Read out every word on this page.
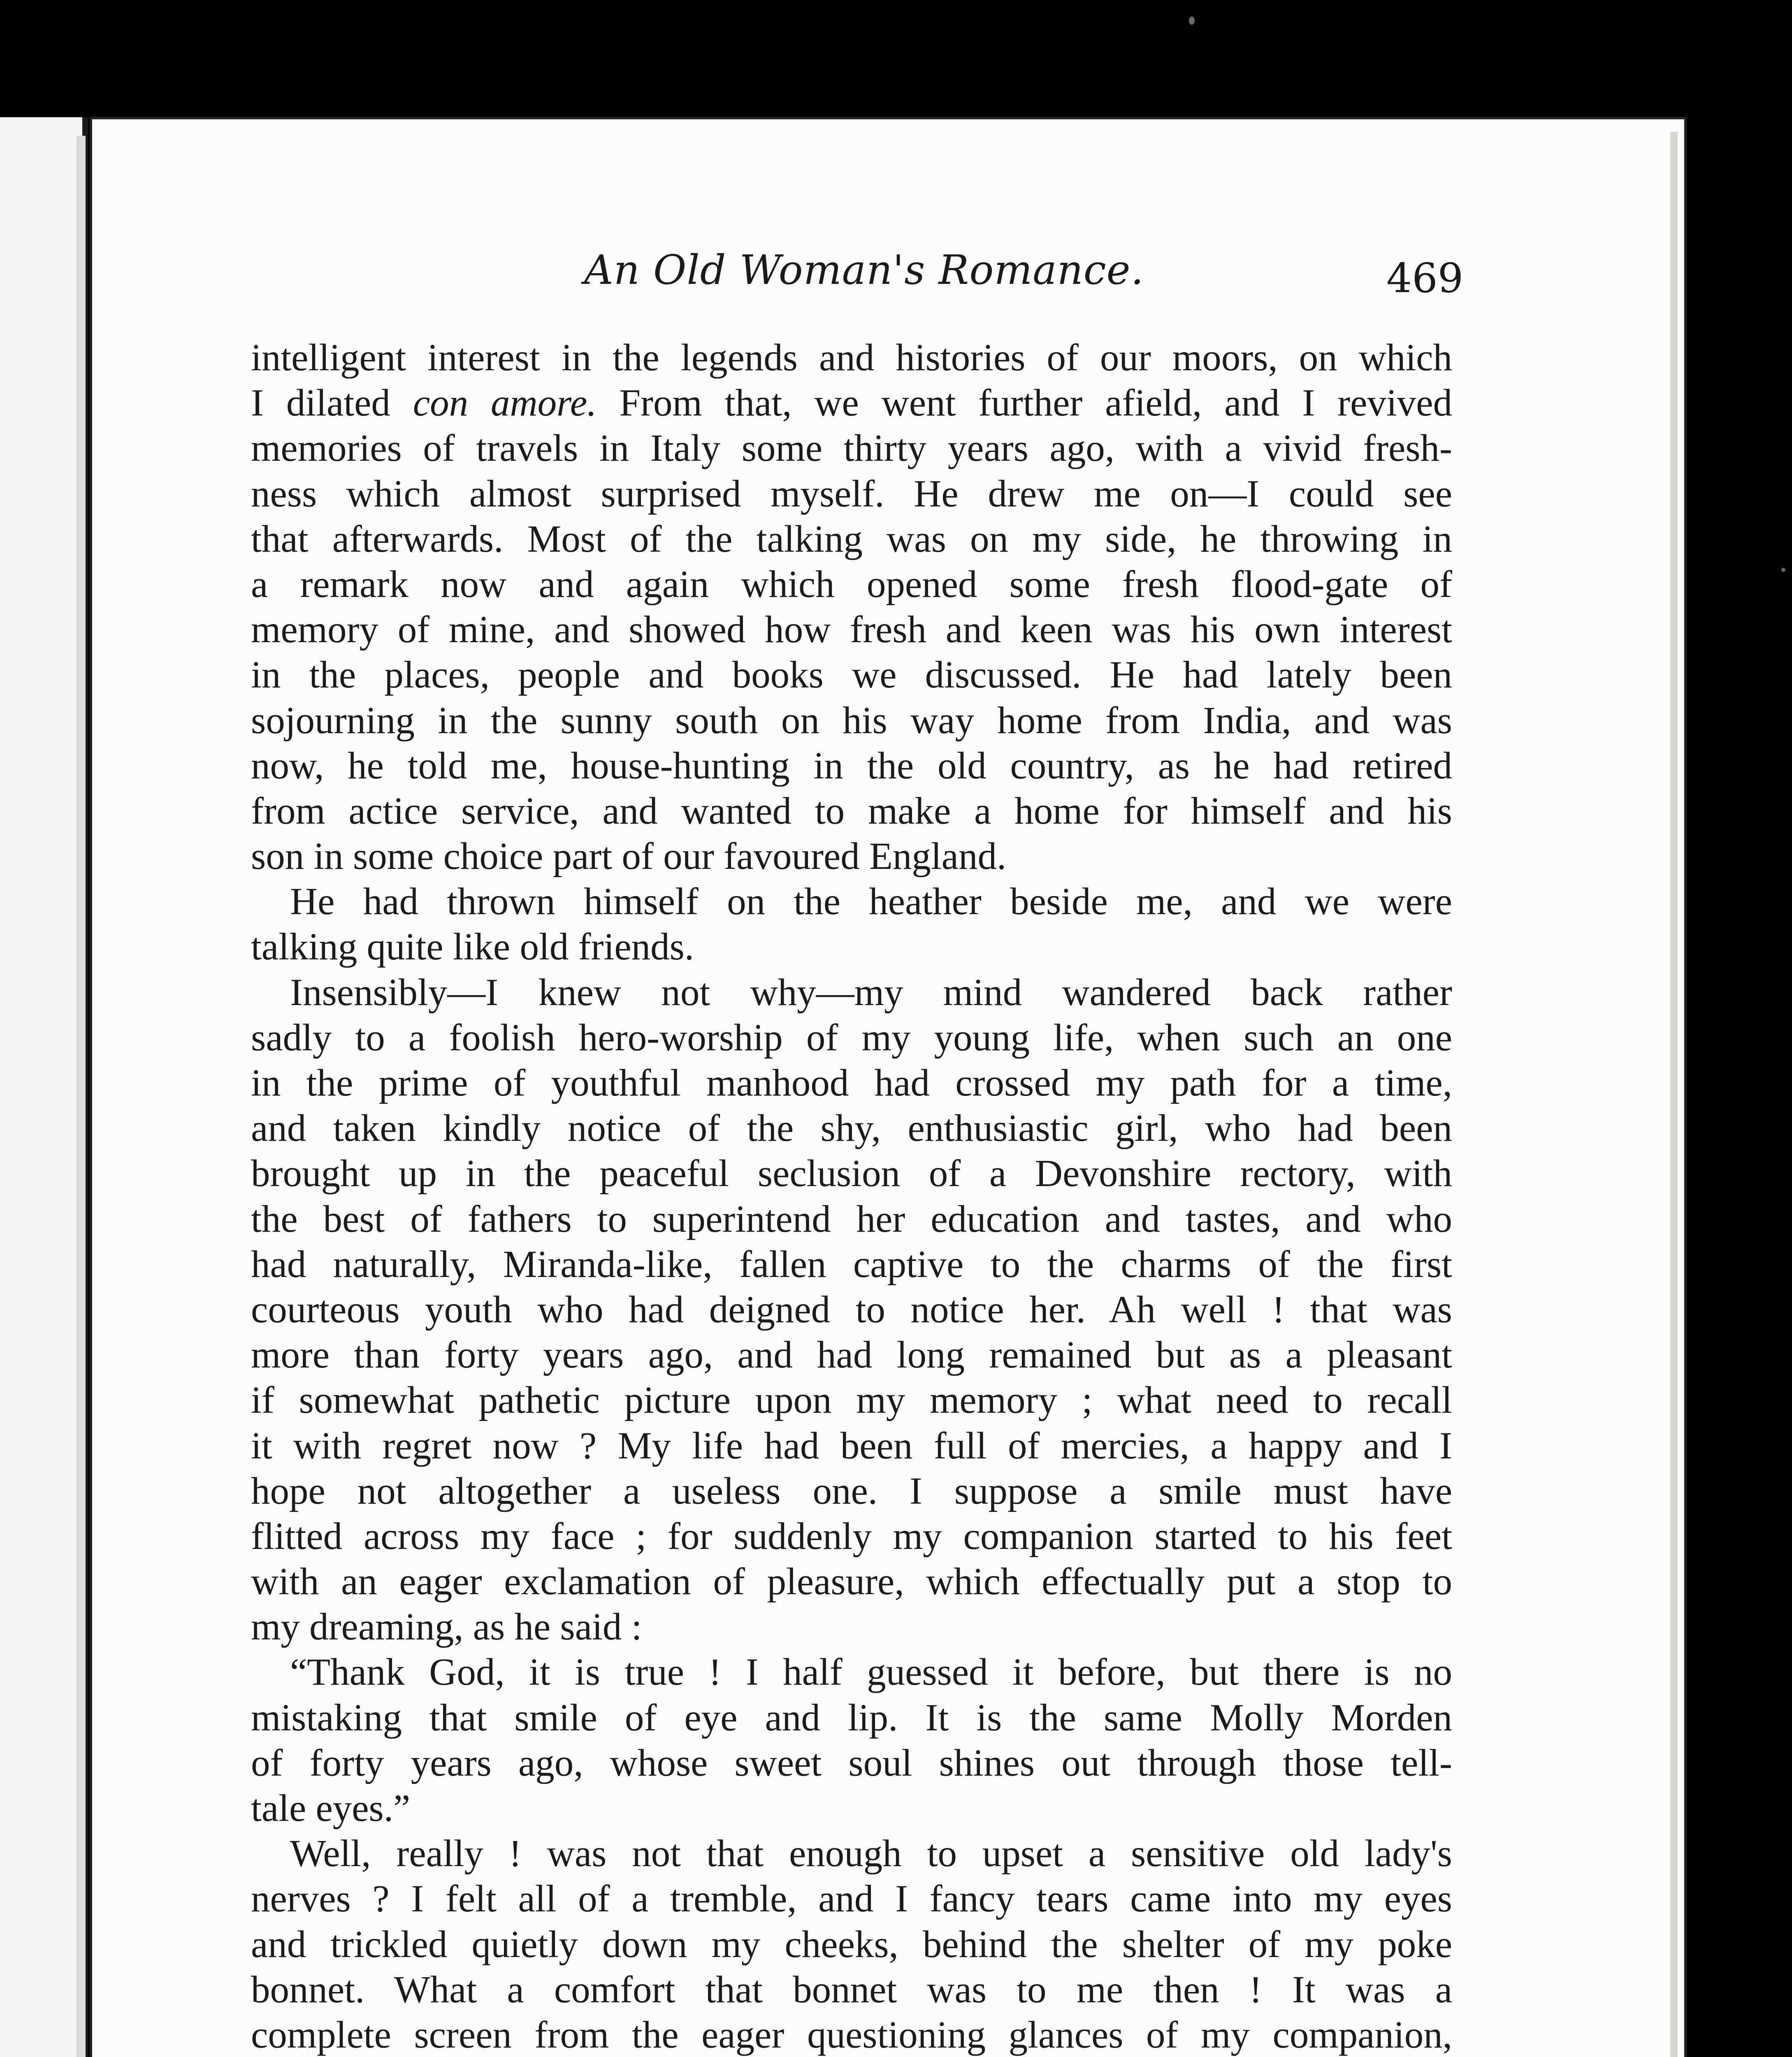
An Old Woman's Romance.	469
intelligent interest in the legends and histories of our moors, on which
I dilated con amore. From that, we went further afield, and I revived
memories of travels in Italy some thirty years ago, with a vivid fresh-
ness which almost surprised myself. He drew me on—I could see
that afterwards. Most of the talking was on my side, he throwing in
a remark now and again which opened some fresh flood-gate of
memory of mine, and showed how fresh and keen was his own interest
in the places, people and books we discussed. He had lately been
sojourning in the sunny south on his way home from India, and was
now, he told me, house-hunting in the old country, as he had retired
from actice service, and wanted to make a home for himself and his
son in some choice part of our favoured England.
He had thrown himself on the heather beside me, and we were
talking quite like old friends.
Insensibly—I knew not why—my mind wandered back rather
sadly to a foolish hero-worship of my young life, when such an one
in the prime of youthful manhood had crossed my path for a time,
and taken kindly notice of the shy, enthusiastic girl, who had been
brought up in the peaceful seclusion of a Devonshire rectory, with
the best of fathers to superintend her education and tastes, and who
had naturally, Miranda-like, fallen captive to the charms of the first
courteous youth who had deigned to notice her. Ah well ! that was
more than forty years ago, and had long remained but as a pleasant
if somewhat pathetic picture upon my memory ; what need to recall
it with regret now ? My life had been full of mercies, a happy and I
hope not altogether a useless one. I suppose a smile must have
flitted across my face ; for suddenly my companion started to his feet
with an eager exclamation of pleasure, which effectually put a stop to
my dreaming, as he said :
“Thank God, it is true ! I half guessed it before, but there is no
mistaking that smile of eye and lip. It is the same Molly Morden
of forty years ago, whose sweet soul shines out through those tell-
tale eyes.”
Well, really ! was not that enough to upset a sensitive old lady's
nerves ? I felt all of a tremble, and I fancy tears came into my eyes
and trickled quietly down my cheeks, behind the shelter of my poke
bonnet. What a comfort that bonnet was to me then ! It was a
complete screen from the eager questioning glances of my companion,
